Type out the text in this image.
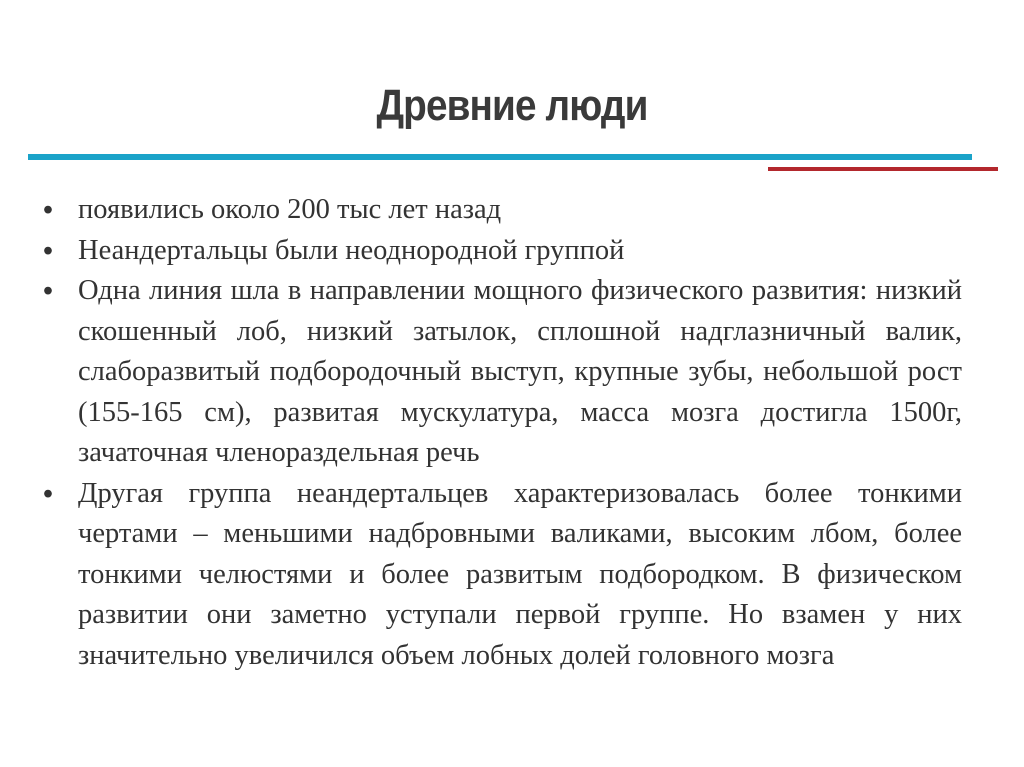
Древние люди
• появились около 200 тыс лет назад
• Неандертальцы были неоднородной группой
• Одна линия шла в направлении мощного физического развития: низкий скошенный лоб, низкий затылок, сплошной надглазничный валик, слаборазвитый подбородочный выступ, крупные зубы, небольшой рост (155-165 см), развитая мускулатура, масса мозга достигла 1500г, зачаточная членораздельная речь
• Другая группа неандертальцев характеризовалась более тонкими чертами – меньшими надбровными валиками, высоким лбом, более тонкими челюстями и более развитым подбородком. В физическом развитии они заметно уступали первой группе. Но взамен у них значительно увеличился объем лобных долей головного мозга
